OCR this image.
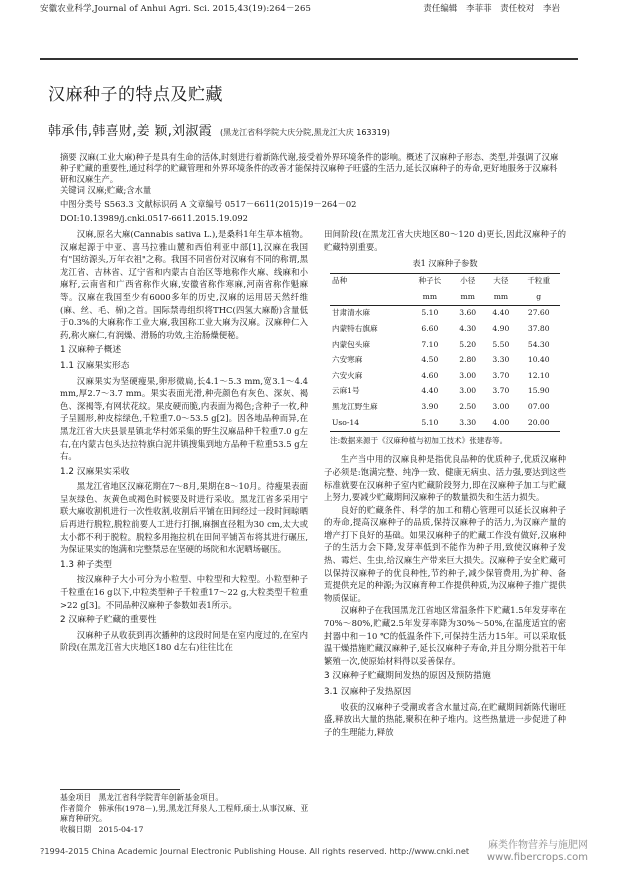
安徽农业科学,Journal of Anhui Agri. Sci. 2015,43(19):264－265	责任编辑 李菲菲 责任校对 李岩
汉麻种子的特点及贮藏
韩承伟,韩喜财,姜 颖,刘淑霞 (黑龙江省科学院大庆分院,黑龙江大庆 163319)
摘要 汉麻(工业大麻)种子是具有生命的活体,时刻进行着新陈代谢,接受着外界环境条件的影响。概述了汉麻种子形态、类型,并强调了汉麻种子贮藏的重要性,通过科学的贮藏管理和外界环境条件的改善才能保持汉麻种子旺盛的生活力,延长汉麻种子的寿命,更好地服务于汉麻科研和汉麻生产。
关键词 汉麻;贮藏;含水量
中图分类号 S563.3 文献标识码 A 文章编号 0517－6611(2015)19－264－02
DOI:10.13989/j.cnki.0517-6611.2015.19.092

汉麻,原名大麻(Cannabis sativa L.),是桑科1年生草本植物。汉麻起源于中亚、喜马拉雅山麓和西伯利亚中部[1],汉麻在我国有"国纺源头,万年衣祖"之称。我国不同省份对汉麻有不同的称谓,黑龙江省、吉林省、辽宁省和内蒙古自治区等地称作火麻、线麻和小麻籽,云南省和广西省称作火麻,安徽省称作寒麻,河南省称作魁麻等。汉麻在我国至少有6000多年的历史,汉麻的运用居天然纤维(麻、丝、毛、棉)之首。国际禁毒组织将THC(四氢大麻酚)含量低于0.3%的大麻称作工业大麻,我国称工业大麻为汉麻。汉麻种仁入药,称火麻仁,有润燥、滑肠的功效,主治肠燥便秘。

1 汉麻种子概述
1.1 汉麻果实形态

汉麻果实为坚硬瘦果,卵形微扁,长4.1～5.3 mm,宽3.1～4.4 mm,厚2.7～3.7 mm。果实表面光滑,种壳颜色有灰色、深灰、褐色、深褐等,有网状花纹。果皮硬而脆,内表面为褐色;含种子一枚,种子呈圆形,种皮棕绿色,千粒重7.0～53.5 g[2]。因各地品种而异,在黑龙江省大庆县景星镇北华村郊采集的野生汉麻品种千粒重7.0 g左右,在内蒙古包头达拉特旗白泥井镇搜集到地方品种千粒重53.5 g左右。

1.2 汉麻果实采收

黑龙江省地区汉麻花期在7～8月,果期在8～10月。待瘦果表面呈灰绿色、灰黄色或褐色时候要及时进行采收。黑龙江省多采用宁联大麻收割机进行一次性收割,收割后平铺在田间经过一段时间晾晒后再进行脱粒,脱粒前要人工进行打捆,麻捆直径粗为30 cm,太大或太小都不利于脱粒。脱粒多用拖拉机在田间平铺苫布将其进行碾压,为保证果实的饱满和完整禁忌在坚硬的场院和水泥晒场碾压。

1.3 种子类型

按汉麻种子大小可分为小粒型、中粒型和大粒型。小粒型种子千粒重在16 g以下,中粒类型种子千粒重17～22 g,大粒类型千粒重>22 g[3]。不同品种汉麻种子参数如表1所示。

2 汉麻种子贮藏的重要性

汉麻种子从收获到再次播种的这段时间是在室内度过的,在室内阶段(在黑龙江省大庆地区180 d左右)往往比在

田间阶段(在黑龙江省大庆地区80～120 d)更长,因此汉麻种子的贮藏特别重要。

表1 汉麻种子参数
品种	种子长	小径	大径	千粒重
	mm	mm	mm	g
甘肃清水麻	5.10	3.60	4.40	27.60
内蒙特右旗麻	6.60	4.30	4.90	37.80
内蒙包头麻	7.10	5.20	5.50	54.30
六安寒麻	4.50	2.80	3.30	10.40
六安火麻	4.60	3.00	3.70	12.10
云麻1号	4.40	3.00	3.70	15.90
黑龙江野生麻	3.90	2.50	3.00	07.00
Uso-14	5.10	3.30	4.00	20.00
注:数据来源于《汉麻种植与初加工技术》张建春等。

生产当中用的汉麻良种是指优良品种的优质种子,优质汉麻种子必须是:饱满完整、纯净一致、健康无病虫、活力强,要达到这些标准就要在汉麻种子室内贮藏阶段努力,即在汉麻种子加工与贮藏上努力,要减少贮藏期间汉麻种子的数量损失和生活力损失。

良好的贮藏条件、科学的加工和精心管理可以延长汉麻种子的寿命,提高汉麻种子的品质,保持汉麻种子的活力,为汉麻产量的增产打下良好的基础。如果汉麻种子的贮藏工作没有做好,汉麻种子的生活力会下降,发芽率低到不能作为种子用,致使汉麻种子发热、霉烂、生虫,给汉麻生产带来巨大损失。汉麻种子安全贮藏可以保持汉麻种子的优良种性,节约种子,减少保管费用,为扩种、备荒提供充足的种源;为汉麻育种工作提供种质,为汉麻种子推广提供物质保证。

汉麻种子在我国黑龙江省地区常温条件下贮藏1.5年发芽率在70%～80%,贮藏2.5年发芽率降为30%～50%,在温度适宜的密封器中和－10 ℃的低温条件下,可保持生活力15年。可以采取低温干燥措施贮藏汉麻种子,延长汉麻种子寿命,并且分期分批若干年繁殖一次,使原始材料得以妥善保存。

3 汉麻种子贮藏期间发热的原因及预防措施
3.1 汉麻种子发热原因

收获的汉麻种子受潮或者含水量过高,在贮藏期间新陈代谢旺盛,释放出大量的热能,聚积在种子堆内。这些热量进一步促进了种子的生理能力,释放

基金项目 黑龙江省科学院青年创新基金项目。
作者简介 韩承伟(1978－),男,黑龙江拜泉人,工程师,硕士,从事汉麻、亚麻育种研究。
收稿日期 2015-04-17
?1994-2015 China Academic Journal Electronic Publishing House. All rights reserved. http://www.cnki.net 麻类作物营养与施肥网
www.fibercrops.com
